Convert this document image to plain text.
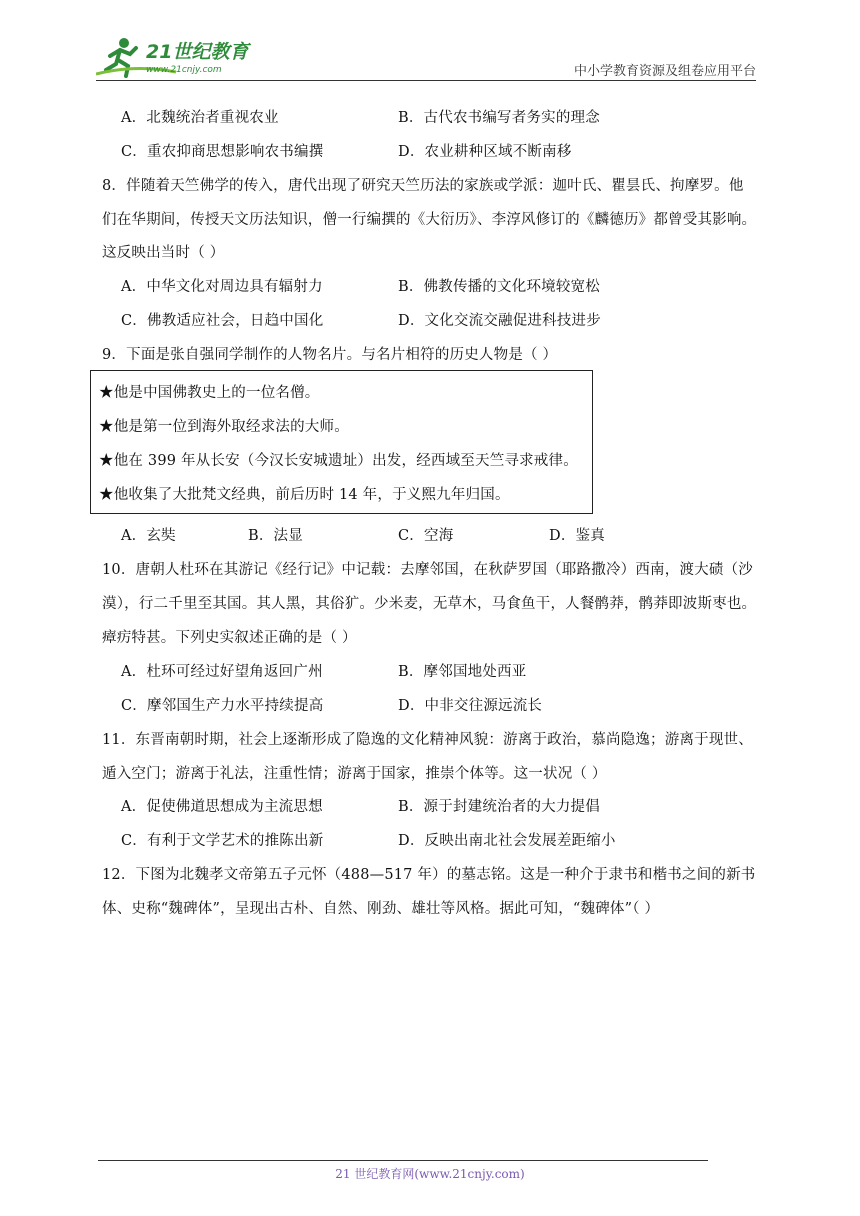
21世纪教育
www.21cnjy.com	中小学教育资源及组卷应用平台
A．北魏统治者重视农业	B．古代农书编写者务实的理念
C．重农抑商思想影响农书编撰	D．农业耕种区域不断南移
8．伴随着天竺佛学的传入，唐代出现了研究天竺历法的家族或学派：迦叶氏、瞿昙氏、拘摩罗。他
们在华期间，传授天文历法知识，僧一行编撰的《大衍历》、李淳风修订的《麟德历》都曾受其影响。
这反映出当时（ ）
A．中华文化对周边具有辐射力	B．佛教传播的文化环境较宽松
C．佛教适应社会，日趋中国化	D．文化交流交融促进科技进步
9．下面是张自强同学制作的人物名片。与名片相符的历史人物是（ ）
★他是中国佛教史上的一位名僧。
★他是第一位到海外取经求法的大师。
★他在 399 年从长安（今汉长安城遗址）出发，经西域至天竺寻求戒律。
★他收集了大批梵文经典，前后历时 14 年，于义熙九年归国。
A．玄奘	B．法显	C．空海	D．鉴真
10．唐朝人杜环在其游记《经行记》中记载：去摩邻国，在秋萨罗国（耶路撒冷）西南，渡大碛（沙
漠），行二千里至其国。其人黑，其俗犷。少米麦，无草木，马食鱼干，人餐鹘莽，鹘莽即波斯枣也。
瘴疠特甚。下列史实叙述正确的是（ ）
A．杜环可经过好望角返回广州	B．摩邻国地处西亚
C．摩邻国生产力水平持续提高	D．中非交往源远流长
11．东晋南朝时期，社会上逐渐形成了隐逸的文化精神风貌：游离于政治，慕尚隐逸；游离于现世、
遁入空门；游离于礼法，注重性情；游离于国家，推崇个体等。这一状况（ ）
A．促使佛道思想成为主流思想	B．源于封建统治者的大力提倡
C．有利于文学艺术的推陈出新	D．反映出南北社会发展差距缩小
12．下图为北魏孝文帝第五子元怀（488—517 年）的墓志铭。这是一种介于隶书和楷书之间的新书
体、史称“魏碑体”，呈现出古朴、自然、刚劲、雄壮等风格。据此可知，“魏碑体”（ ）
21 世纪教育网(www.21cnjy.com)
